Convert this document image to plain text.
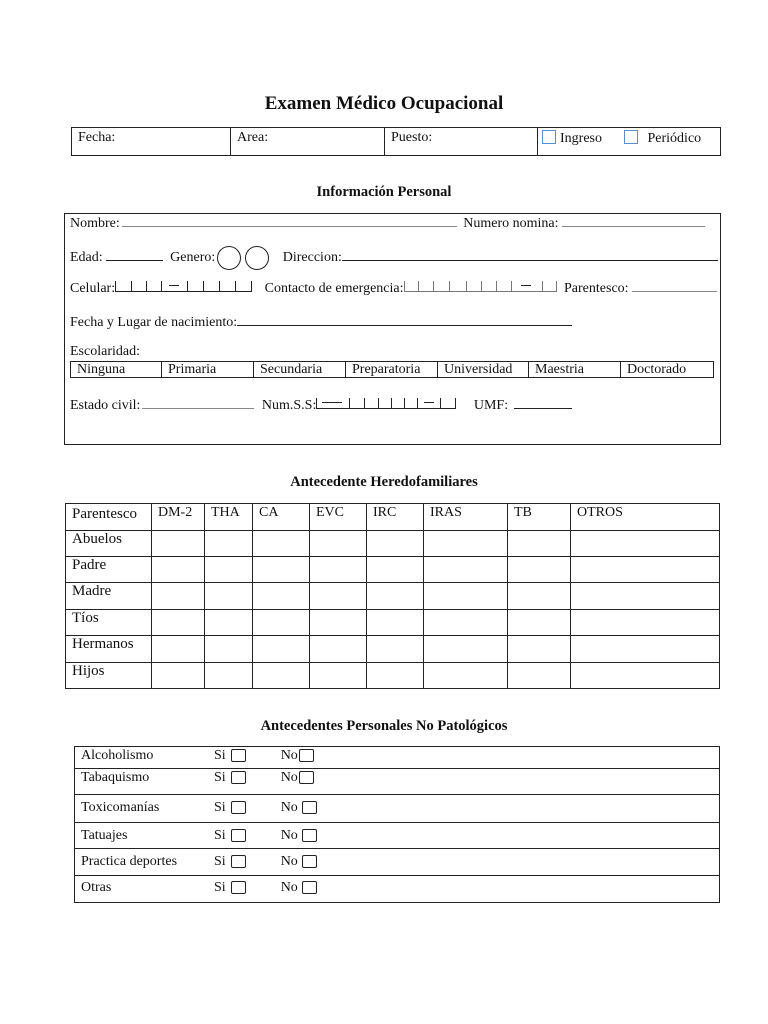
Examen Médico Ocupacional
Fecha:	Area:	Puesto:	Ingreso	Periódico
Información Personal
Nombre:	Numero nomina:
Edad:	Genero:	Direccion:
Celular:	Contacto de emergencia:	Parentesco:
Fecha y Lugar de nacimiento:
Escolaridad:
Ninguna	Primaria	Secundaria	Preparatoria	Universidad	Maestria	Doctorado
Estado civil:	Num.S.S:	UMF:
Antecedente Heredofamiliares
Parentesco	DM-2	THA	CA	EVC	IRC	IRAS	TB	OTROS
Abuelos								
Padre								
Madre								
Tíos								
Hermanos								
Hijos								
Antecedentes Personales No Patológicos
Alcoholismo	Si	No
Tabaquismo	Si	No
Toxicomanías	Si	No
Tatuajes	Si	No
Practica deportes	Si	No
Otras	Si	No
